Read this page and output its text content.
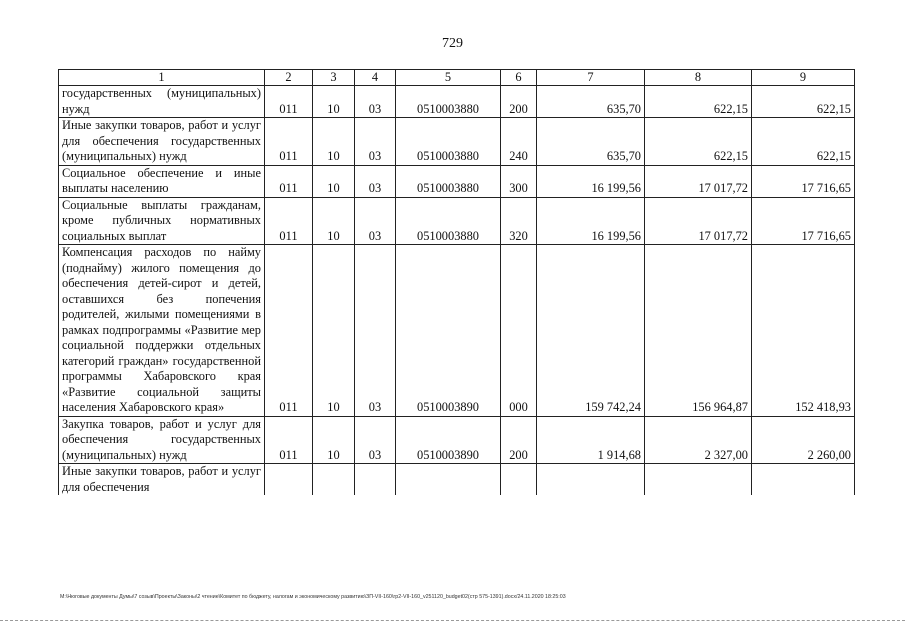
729
1	2	3	4	5	6	7	8	9
государственных (муниципальных) нужд	011	10	03	0510003880	200	635,70	622,15	622,15
Иные закупки товаров, работ и услуг для обеспечения государственных (муниципальных) нужд	011	10	03	0510003880	240	635,70	622,15	622,15
Социальное обеспечение и иные выплаты населению	011	10	03	0510003880	300	16 199,56	17 017,72	17 716,65
Социальные выплаты гражданам, кроме публичных нормативных социальных выплат	011	10	03	0510003880	320	16 199,56	17 017,72	17 716,65
Компенсация расходов по найму (поднайму) жилого помещения до обеспечения детей-сирот и детей, оставшихся без попечения родителей, жилыми помещениями в рамках подпрограммы «Развитие мер социальной поддержки отдельных категорий граждан» государственной программы Хабаровского края «Развитие социальной защиты населения Хабаровского края»	011	10	03	0510003890	000	159 742,24	156 964,87	152 418,93
Закупка товаров, работ и услуг для обеспечения государственных (муниципальных) нужд	011	10	03	0510003890	200	1 914,68	2 327,00	2 260,00
Иные закупки товаров, работ и услуг для обеспечения								
M:\Нюговые документы Думы\7 созыв\Проекты\Законы\2 чтение\Комитет по бюджету, налогам и экономическому развитию\ЗП-VII-160\гр2-VII-160_v251120_budget02(стр 575-1391).docx/24.11.2020 18:25:03
